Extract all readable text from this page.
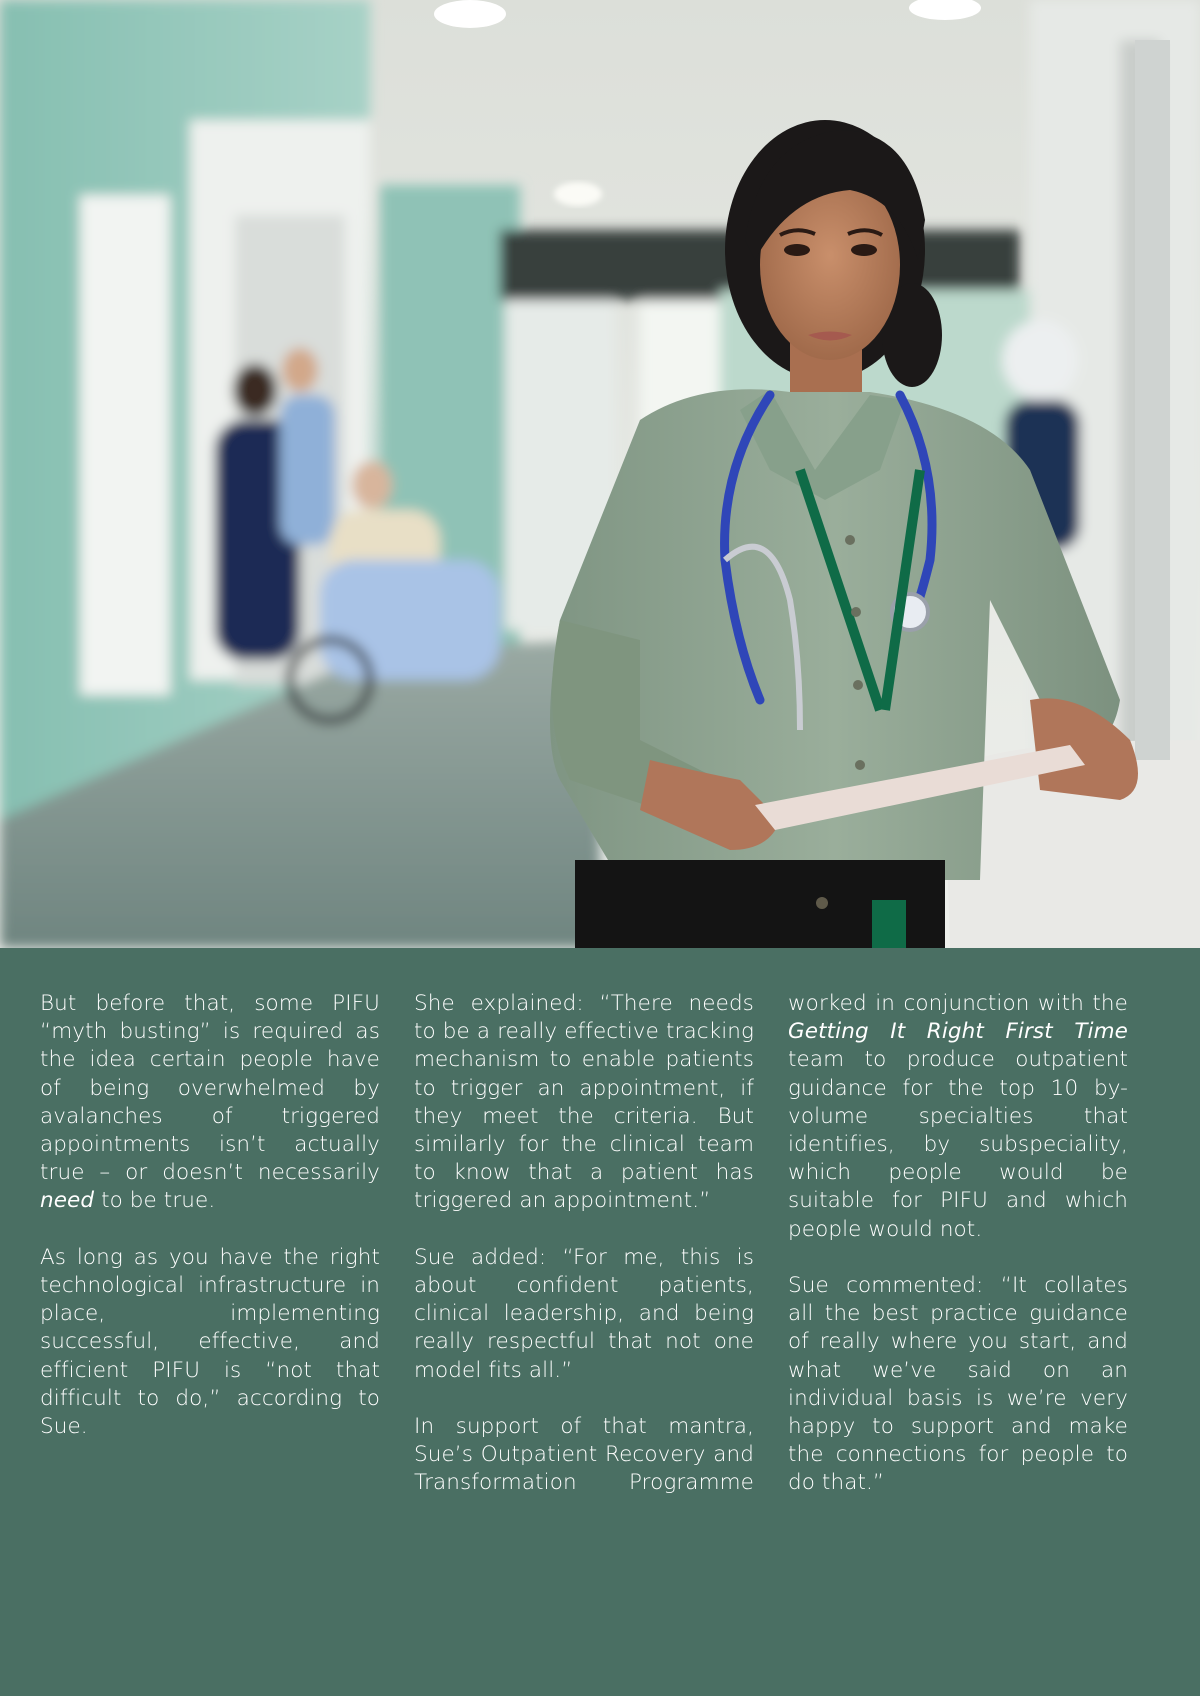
But before that, some PIFU “myth busting” is required as the idea certain people have of being overwhelmed by avalanches of triggered appointments isn’t actually true – or doesn’t necessarily need to be true.

As long as you have the right technological infrastructure in place, implementing successful, effective, and efficient PIFU is “not that difficult to do,” according to Sue.

She explained: “There needs to be a really effective tracking mechanism to enable patients to trigger an appointment, if they meet the criteria. But similarly for the clinical team to know that a patient has triggered an appointment.”

Sue added: “For me, this is about confident patients, clinical leadership, and being really respectful that not one model fits all.”

In support of that mantra, Sue’s Outpatient Recovery and Transformation Programme

worked in conjunction with the Getting It Right First Time team to produce outpatient guidance for the top 10 by-volume specialties that identifies, by subspeciality, which people would be suitable for PIFU and which people would not.

Sue commented: “It collates all the best practice guidance of really where you start, and what we’ve said on an individual basis is we’re very happy to support and make the connections for people to do that.”
